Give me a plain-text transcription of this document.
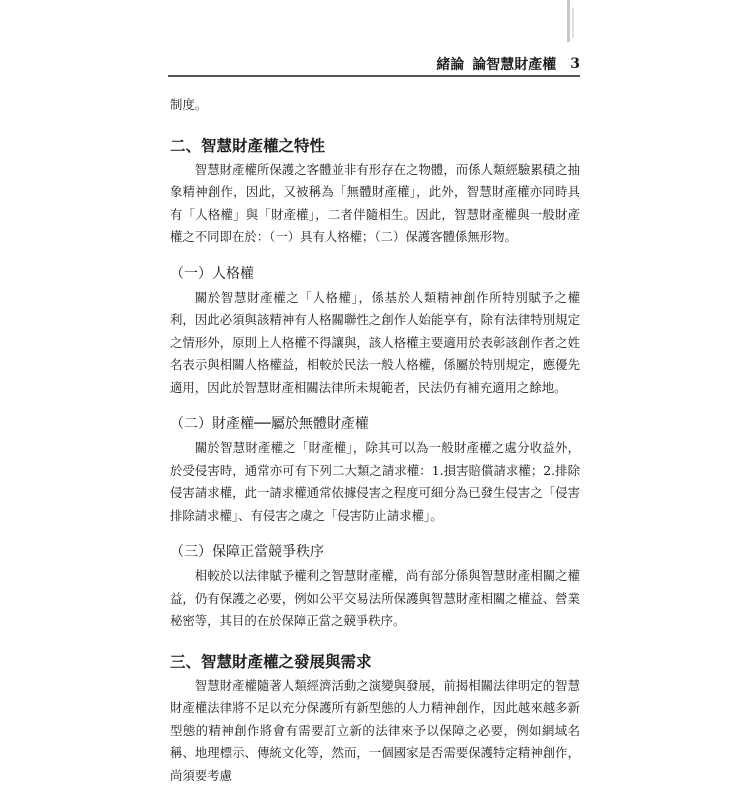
緒論 論智慧財產權 3

制度。

二、智慧財產權之特性

智慧財產權所保護之客體並非有形存在之物體，而係人類經驗累積之抽象精神創作，因此，又被稱為「無體財產權」，此外，智慧財產權亦同時具有「人格權」與「財產權」，二者伴隨相生。因此，智慧財產權與一般財產權之不同即在於：（一）具有人格權；（二）保護客體係無形物。

（一）人格權

關於智慧財產權之「人格權」，係基於人類精神創作所特別賦予之權利，因此必須與該精神有人格關聯性之創作人始能享有，除有法律特別規定之情形外，原則上人格權不得讓與，該人格權主要適用於表彰該創作者之姓名表示與相關人格權益，相較於民法一般人格權，係屬於特別規定，應優先適用，因此於智慧財產相關法律所未規範者，民法仍有補充適用之餘地。

（二）財產權──屬於無體財產權

關於智慧財產權之「財產權」，除其可以為一般財產權之處分收益外，於受侵害時，通常亦可有下列二大類之請求權：1.損害賠償請求權；2.排除侵害請求權，此一請求權通常依據侵害之程度可細分為已發生侵害之「侵害排除請求權」、有侵害之虞之「侵害防止請求權」。

（三）保障正當競爭秩序

相較於以法律賦予權利之智慧財產權，尚有部分係與智慧財產相關之權益，仍有保護之必要，例如公平交易法所保護與智慧財產相關之權益、營業秘密等，其目的在於保障正當之競爭秩序。

三、智慧財產權之發展與需求

智慧財產權隨著人類經濟活動之演變與發展，前揭相關法律明定的智慧財產權法律將不足以充分保護所有新型態的人力精神創作，因此越來越多新型態的精神創作將會有需要訂立新的法律來予以保障之必要，例如網域名稱、地理標示、傳統文化等，然而，一個國家是否需要保護特定精神創作，尚須要考慮
